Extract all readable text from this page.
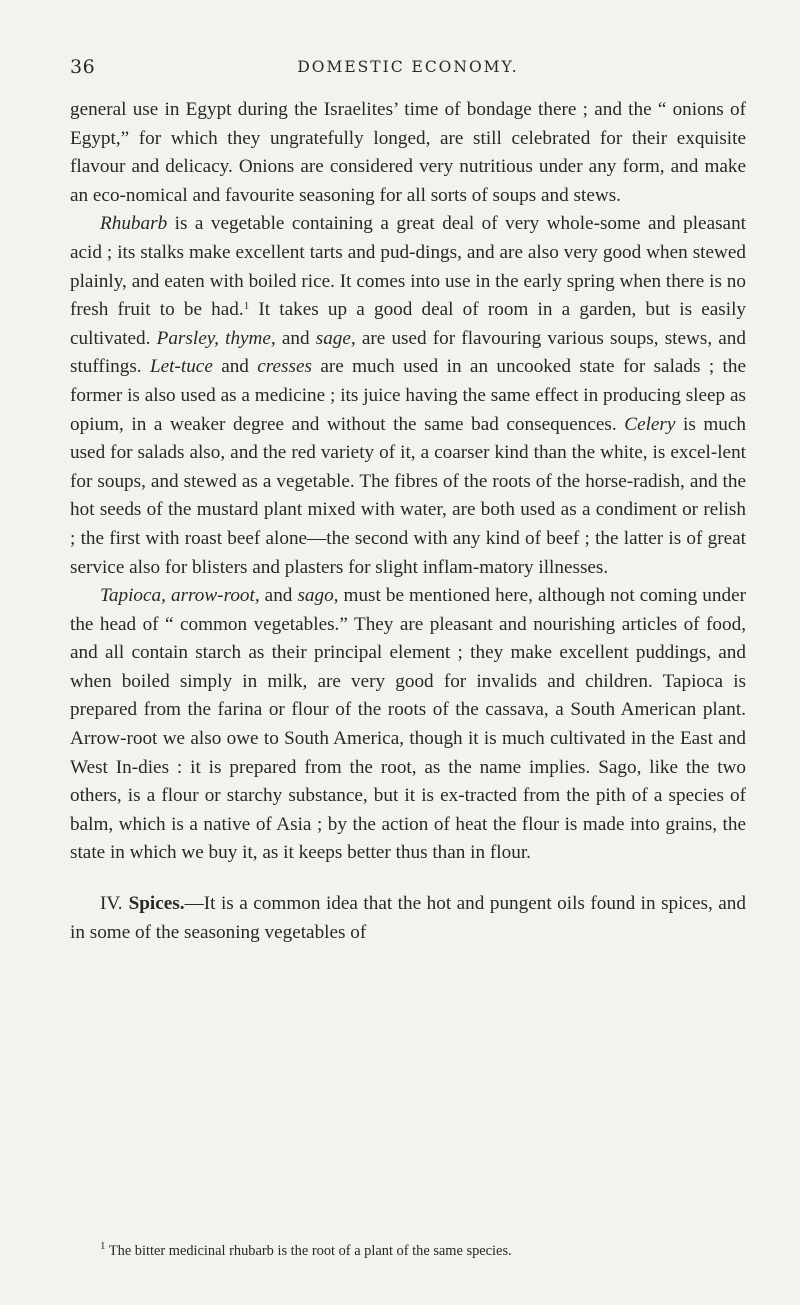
36	DOMESTIC ECONOMY.

general use in Egypt during the Israelites’ time of bondage there ; and the “ onions of Egypt,” for which they ungratefully longed, are still celebrated for their exquisite flavour and delicacy. Onions are considered very nutritious under any form, and make an eco-nomical and favourite seasoning for all sorts of soups and stews.

Rhubarb is a vegetable containing a great deal of very whole-some and pleasant acid ; its stalks make excellent tarts and pud-dings, and are also very good when stewed plainly, and eaten with boiled rice. It comes into use in the early spring when there is no fresh fruit to be had.$^1$ It takes up a good deal of room in a garden, but is easily cultivated. Parsley, thyme, and sage, are used for flavouring various soups, stews, and stuffings. Let-tuce and cresses are much used in an uncooked state for salads ; the former is also used as a medicine ; its juice having the same effect in producing sleep as opium, in a weaker degree and without the same bad consequences. Celery is much used for salads also, and the red variety of it, a coarser kind than the white, is excel-lent for soups, and stewed as a vegetable. The fibres of the roots of the horse-radish, and the hot seeds of the mustard plant mixed with water, are both used as a condiment or relish ; the first with roast beef alone—the second with any kind of beef ; the latter is of great service also for blisters and plasters for slight inflam-matory illnesses.

Tapioca, arrow-root, and sago, must be mentioned here, although not coming under the head of “ common vegetables.” They are pleasant and nourishing articles of food, and all contain starch as their principal element ; they make excellent puddings, and when boiled simply in milk, are very good for invalids and children. Tapioca is prepared from the farina or flour of the roots of the cassava, a South American plant. Arrow-root we also owe to South America, though it is much cultivated in the East and West In-dies : it is prepared from the root, as the name implies. Sago, like the two others, is a flour or starchy substance, but it is ex-tracted from the pith of a species of balm, which is a native of Asia ; by the action of heat the flour is made into grains, the state in which we buy it, as it keeps better thus than in flour.

IV. Spices.—It is a common idea that the hot and pungent oils found in spices, and in some of the seasoning vegetables of

$^1$ The bitter medicinal rhubarb is the root of a plant of the same species.
